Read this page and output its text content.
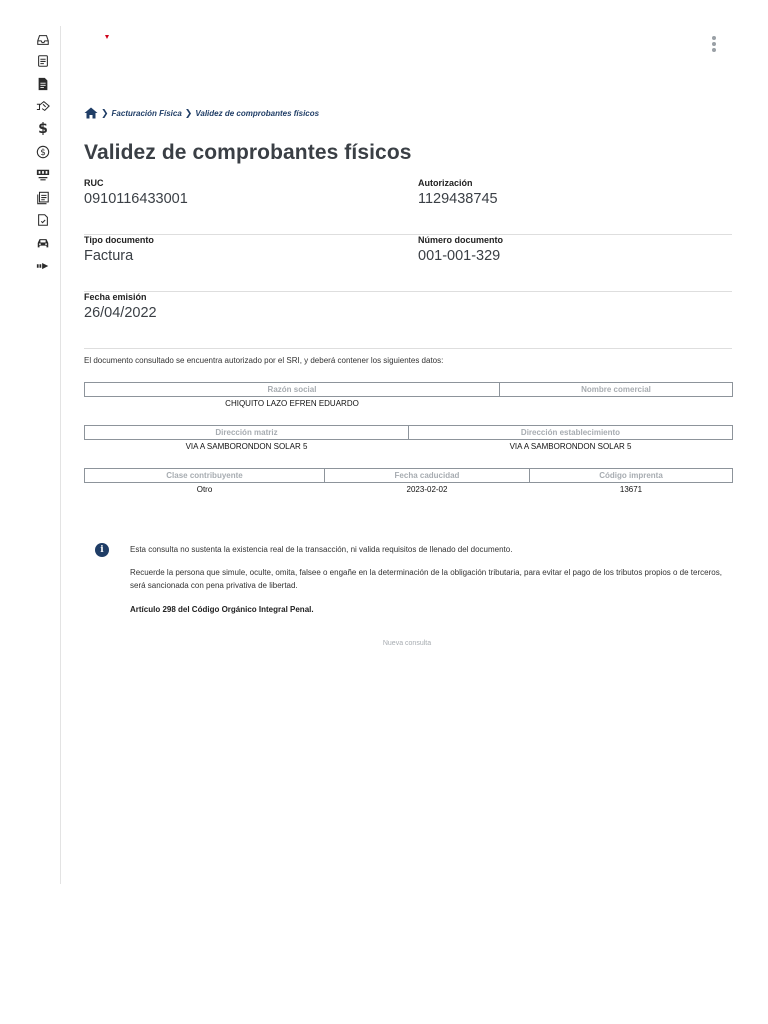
$
$
❯ Facturación Física ❯ Validez de comprobantes físicos
Validez de comprobantes físicos
RUC
0910116433001
Autorización
1129438745
Tipo documento
Factura
Número documento
001-001-329
Fecha emisión
26/04/2022
El documento consultado se encuentra autorizado por el SRI, y deberá contener los siguientes datos:
Razón social	Nombre comercial
CHIQUITO LAZO EFREN EDUARDO	
Dirección matriz	Dirección establecimiento
VIA A SAMBORONDON SOLAR 5	VIA A SAMBORONDON SOLAR 5
Clase contribuyente	Fecha caducidad	Código imprenta
Otro	2023-02-02	13671
i	Esta consulta no sustenta la existencia real de la transacción, ni valida requisitos de llenado del documento.

Recuerde la persona que simule, oculte, omita, falsee o engañe en la determinación de la obligación tributaria, para evitar el pago de los tributos propios o de terceros, será sancionada con pena privativa de libertad.

Artículo 298 del Código Orgánico Integral Penal.

Nueva consulta
